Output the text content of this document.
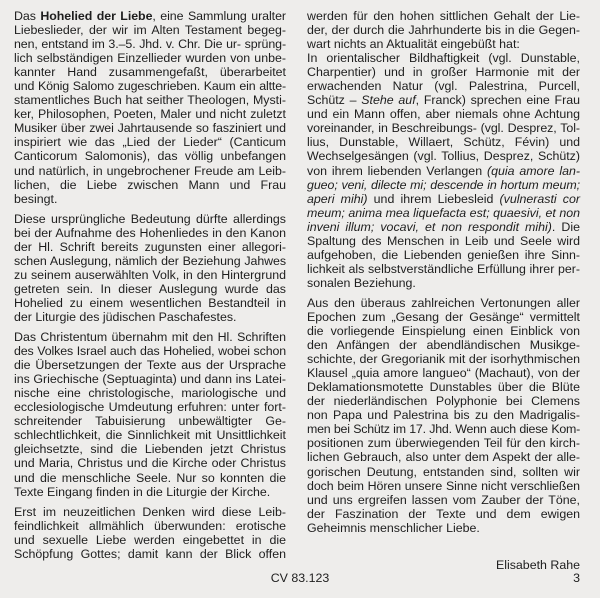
Das Hohelied der Liebe, eine Sammlung uralter
Liebeslieder, der wir im Alten Testament begeg-
nen, entstand im 3.–5. Jhd. v. Chr. Die ur- sprüng-
lich selbständigen Einzellieder wurden von unbe-
kannter Hand zusammengefaßt, überarbeitet
und König Salomo zugeschrieben. Kaum ein altte-
stamentliches Buch hat seither Theologen, Mysti-
ker, Philosophen, Poeten, Maler und nicht zuletzt
Musiker über zwei Jahrtausende so fasziniert und
inspiriert wie das „Lied der Lieder“ (Canticum
Canticorum Salomonis), das völlig unbefangen
und natürlich, in ungebrochener Freude am Leib-
lichen, die Liebe zwischen Mann und Frau
besingt.
Diese ursprüngliche Bedeutung dürfte allerdings
bei der Aufnahme des Hohenliedes in den Kanon
der Hl. Schrift bereits zugunsten einer allegori-
schen Auslegung, nämlich der Beziehung Jahwes
zu seinem auserwählten Volk, in den Hintergrund
getreten sein. In dieser Auslegung wurde das
Hohelied zu einem wesentlichen Bestandteil in
der Liturgie des jüdischen Paschafestes.
Das Christentum übernahm mit den Hl. Schriften
des Volkes Israel auch das Hohelied, wobei schon
die Übersetzungen der Texte aus der Ursprache
ins Griechische (Septuaginta) und dann ins Latei-
nische eine christologische, mariologische und
ecclesiologische Umdeutung erfuhren: unter fort-
schreitender Tabuisierung unbewältigter Ge-
schlechtlichkeit, die Sinnlichkeit mit Unsittlichkeit
gleichsetzte, sind die Liebenden jetzt Christus
und Maria, Christus und die Kirche oder Christus
und die menschliche Seele. Nur so konnten die
Texte Eingang finden in die Liturgie der Kirche.
Erst im neuzeitlichen Denken wird diese Leib-
feindlichkeit allmählich überwunden: erotische
und sexuelle Liebe werden eingebettet in die
Schöpfung Gottes; damit kann der Blick offen
werden für den hohen sittlichen Gehalt der Lie-
der, der durch die Jahrhunderte bis in die Gegen-
wart nichts an Aktualität eingebüßt hat:
In orientalischer Bildhaftigkeit (vgl. Dunstable,
Charpentier) und in großer Harmonie mit der
erwachenden Natur (vgl. Palestrina, Purcell,
Schütz – Stehe auf, Franck) sprechen eine Frau
und ein Mann offen, aber niemals ohne Achtung
voreinander, in Beschreibungs- (vgl. Desprez, Tol-
lius, Dunstable, Willaert, Schütz, Févin) und
Wechselgesängen (vgl. Tollius, Desprez, Schütz)
von ihrem liebenden Verlangen (quia amore lan-
gueo; veni, dilecte mi; descende in hortum meum;
aperi mihi) und ihrem Liebesleid (vulnerasti cor
meum; anima mea liquefacta est; quaesivi, et non
inveni illum; vocavi, et non respondit mihi). Die
Spaltung des Menschen in Leib und Seele wird
aufgehoben, die Liebenden genießen ihre Sinn-
lichkeit als selbstverständliche Erfüllung ihrer per-
sonalen Beziehung.
Aus den überaus zahlreichen Vertonungen aller
Epochen zum „Gesang der Gesänge“ vermittelt
die vorliegende Einspielung einen Einblick von
den Anfängen der abendländischen Musikge-
schichte, der Gregorianik mit der isorhythmischen
Klausel „quia amore langueo“ (Machaut), von der
Deklamationsmotette Dunstables über die Blüte
der niederländischen Polyphonie bei Clemens
non Papa und Palestrina bis zu den Madrigalis-
men bei Schütz im 17. Jhd. Wenn auch diese Kom-
positionen zum überwiegenden Teil für den kirch-
lichen Gebrauch, also unter dem Aspekt der alle-
gorischen Deutung, entstanden sind, sollten wir
doch beim Hören unsere Sinne nicht verschließen
und uns ergreifen lassen vom Zauber der Töne,
der Faszination der Texte und dem ewigen
Geheimnis menschlicher Liebe.
Elisabeth Rahe
CV 83.123	3
